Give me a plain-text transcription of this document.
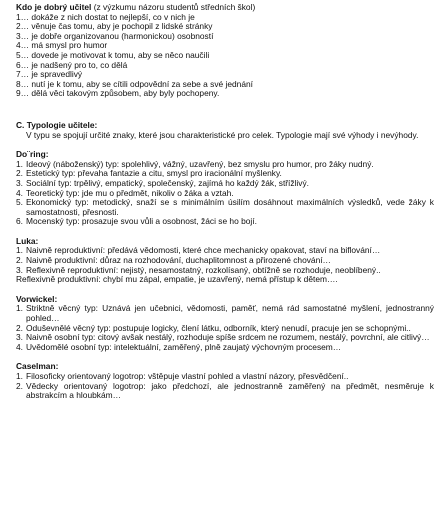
Kdo je dobrý učitel (z výzkumu názoru studentů středních škol)
1… dokáže z nich dostat to nejlepší, co v nich je
2… věnuje čas tomu, aby je pochopil z lidské stránky
3… je dobře organizovanou (harmonickou) osobností
4… má smysl pro humor
5… dovede je motivovat k tomu, aby se něco naučili
6… je nadšený pro to, co dělá
7… je spravedlivý
8… nutí je k tomu, aby se cítili odpovědní za sebe a své jednání
9… dělá věci takovým způsobem, aby byly pochopeny.
C. Typologie učitele:
V typu se spojují určité znaky, které jsou charakteristické pro celek. Typologie mají své výhody i nevýhody.
Do¨ring:
1. Ideový (náboženský) typ: spolehlivý, vážný, uzavřený, bez smyslu pro humor, pro žáky nudný.
2. Estetický typ: převaha fantazie a citu, smysl pro iracionální myšlenky.
3. Sociální typ: trpělivý, empatický, společenský, zajímá ho každý žák, střížlivý.
4. Teoretický typ: jde mu o předmět, nikoliv o žáka a vztah.
5. Ekonomický typ: metodický, snaží se s minimálním úsilím dosáhnout maximálních výsledků, vede žáky k samostatnosti, přesnosti.
6. Mocenský typ: prosazuje svou vůli a osobnost, žáci se ho bojí.
Luka:
1. Naivně reproduktivní: předává vědomosti, které chce mechanicky opakovat, staví na biflování…
2. Naivně produktivní: důraz na rozhodování, duchaplitomnost a přirozené chování…
3. Reflexivně reproduktivní: nejistý, nesamostatný, rozkolísaný, obtížně se rozhoduje, neoblíbený..
Reflexivně produktivní: chybí mu zápal, empatie, je uzavřený, nemá přístup k dětem….
Vorwickel:
1. Striktně věcný typ: Uznává jen učebnici, vědomosti, paměť, nemá rád samostatné myšlení, jednostranný pohled…
2. Oduševnělé věcný typ: postupuje logicky, člení látku, odborník, který nenudí, pracuje jen se schopnými..
3. Naivně osobní typ: citový avšak nestálý, rozhoduje spíše srdcem ne rozumem, nestálý, povrchní, ale citlivý…
4. Uvědomělé osobní typ: intelektuální, zaměřený, plně zaujatý výchovným procesem…
Caselman:
1. Filosoficky orientovaný logotrop: vštěpuje vlastní pohled a vlastní názory, přesvědčení..
2. Vědecky orientovaný logotrop: jako předchozí, ale jednostranně zaměřený na předmět, nesměruje k abstrakcím a hloubkám…
